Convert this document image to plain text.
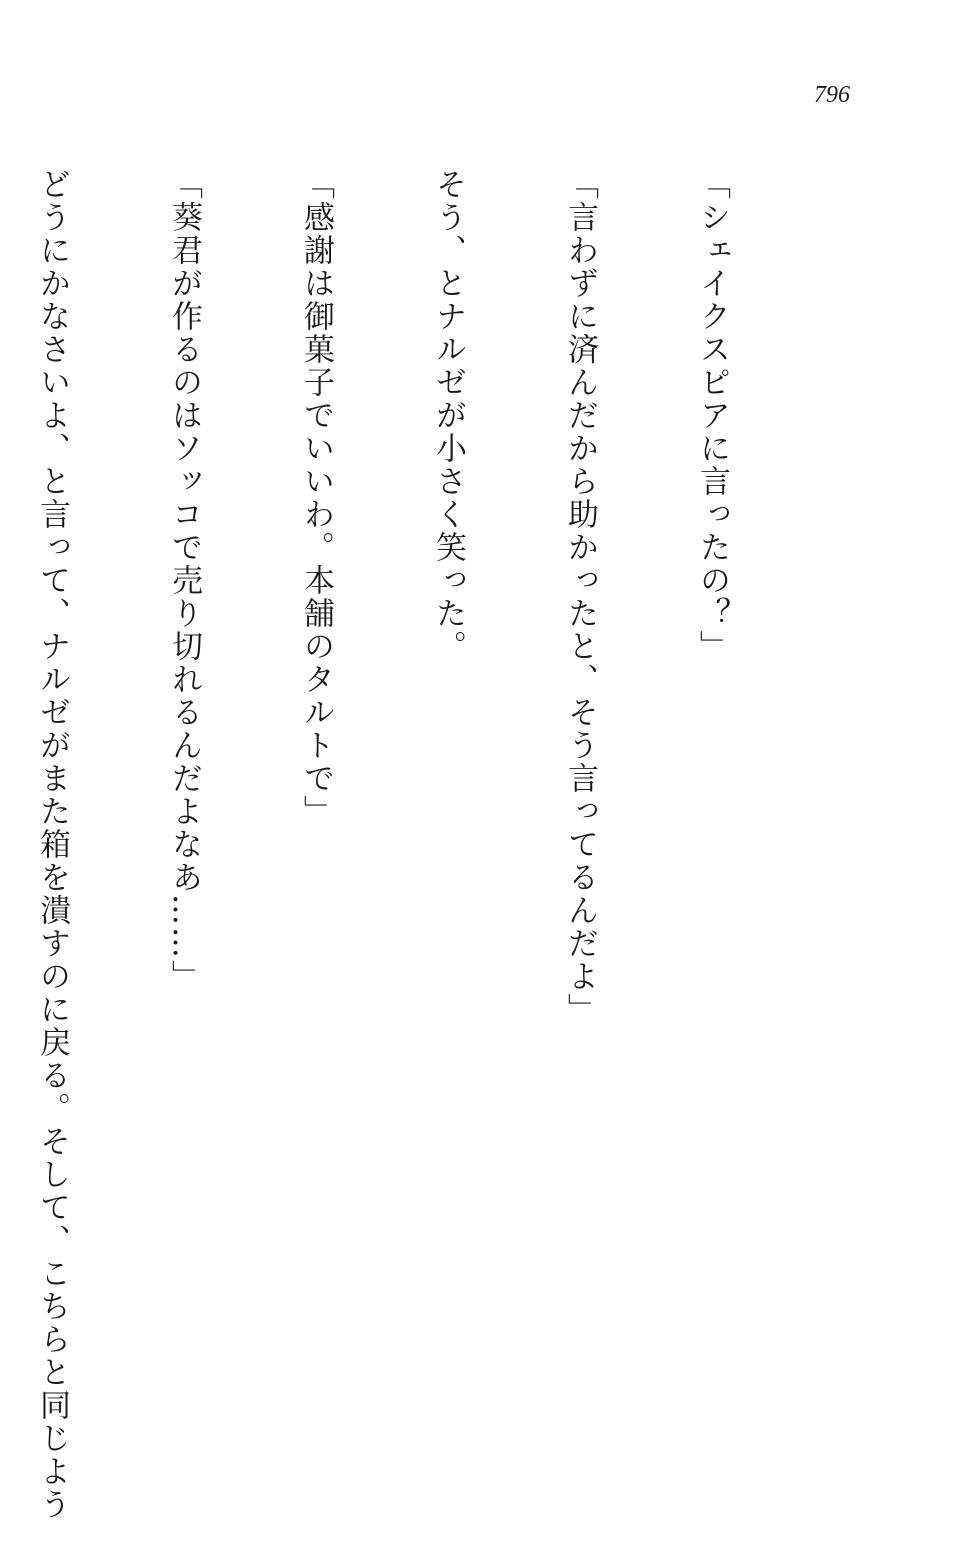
796

「シェイクスピアに言ったの？」

「言わずに済んだから助かったと、そう言ってるんだよ」

そう、とナルゼが小さく笑った。

「感謝は御菓子でいいわ。本舗のタルトで」

「葵君が作るのはソッコで売り切れるんだよなあ……」

どうにかなさいよ、と言って、ナルゼがまた箱を潰すのに戻る。そして、こちらと同じよう
